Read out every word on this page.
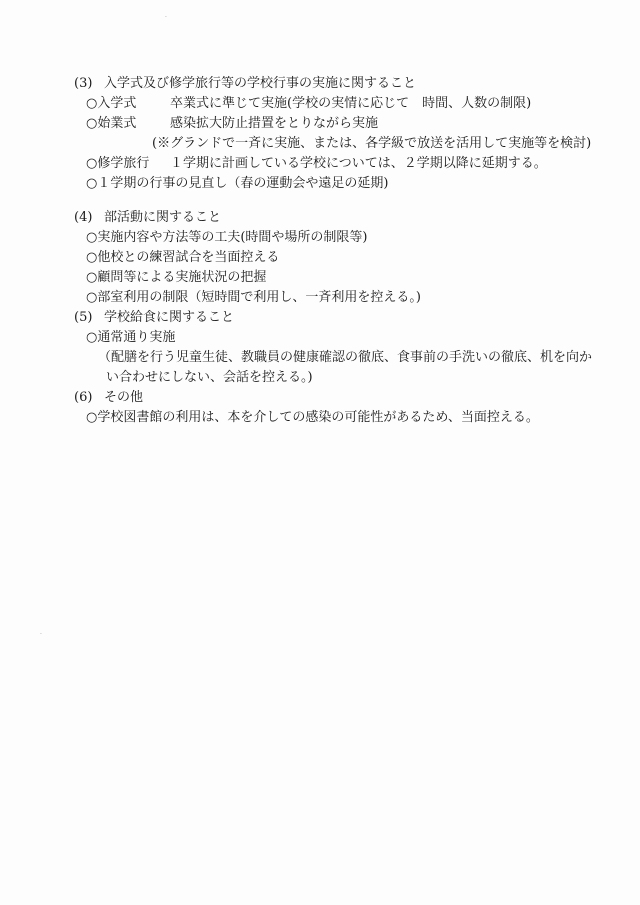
(3) 入学式及び修学旅行等の学校行事の実施に関すること
○入学式	卒業式に準じて実施(学校の実情に応じて　時間、人数の制限)
○始業式	感染拡大防止措置をとりながら実施
(※グランドで一斉に実施、または、各学級で放送を活用して実施等を検討)
○修学旅行 １学期に計画している学校については、２学期以降に延期する。
○１学期の行事の見直し（春の運動会や遠足の延期)
(4) 部活動に関すること
○実施内容や方法等の工夫(時間や場所の制限等)
○他校との練習試合を当面控える
○顧問等による実施状況の把握
○部室利用の制限（短時間で利用し、一斉利用を控える。)
(5) 学校給食に関すること
○通常通り実施
（配膳を行う児童生徒、教職員の健康確認の徹底、食事前の手洗いの徹底、机を向か
い合わせにしない、会話を控える。)
(6) その他
○学校図書館の利用は、本を介しての感染の可能性があるため、当面控える。
·
·
